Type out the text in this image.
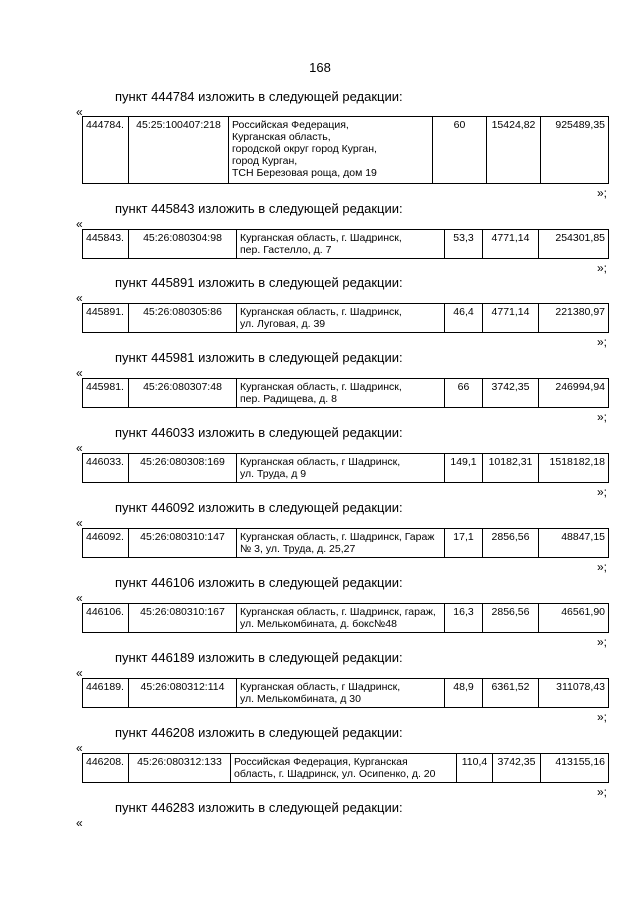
168
пункт 444784 изложить в следующей редакции:
«
444784.	45:25:100407:218	Российская Федерация,
Курганская область,
городской округ город Курган,
город Курган,
ТСН Березовая роща, дом 19
	60	15424,82	925489,35
»;
пункт 445843 изложить в следующей редакции:
«
445843.	45:26:080304:98	Курганская область, г. Шадринск,
пер. Гастелло, д. 7
	53,3	4771,14	254301,85
»;
пункт 445891 изложить в следующей редакции:
«
445891.	45:26:080305:86	Курганская область, г. Шадринск,
ул. Луговая, д. 39
	46,4	4771,14	221380,97
»;
пункт 445981 изложить в следующей редакции:
«
445981.	45:26:080307:48	Курганская область, г. Шадринск,
пер. Радищева, д. 8
	66	3742,35	246994,94
»;
пункт 446033 изложить в следующей редакции:
«
446033.	45:26:080308:169	Курганская область, г Шадринск,
ул. Труда, д 9
	149,1	10182,31	1518182,18
»;
пункт 446092 изложить в следующей редакции:
«
446092.	45:26:080310:147	Курганская область, г. Шадринск, Гараж
№ 3, ул. Труда, д. 25,27
	17,1	2856,56	48847,15
»;
пункт 446106 изложить в следующей редакции:
«
446106.	45:26:080310:167	Курганская область, г. Шадринск, гараж,
ул. Мелькомбината, д. бокс№48
	16,3	2856,56	46561,90
»;
пункт 446189 изложить в следующей редакции:
«
446189.	45:26:080312:114	Курганская область, г Шадринск,
ул. Мелькомбината, д 30
	48,9	6361,52	311078,43
»;
пункт 446208 изложить в следующей редакции:
«
446208.	45:26:080312:133	Российская Федерация, Курганская
область, г. Шадринск, ул. Осипенко, д. 20
	110,4	3742,35	413155,16
»;
пункт 446283 изложить в следующей редакции:
«
